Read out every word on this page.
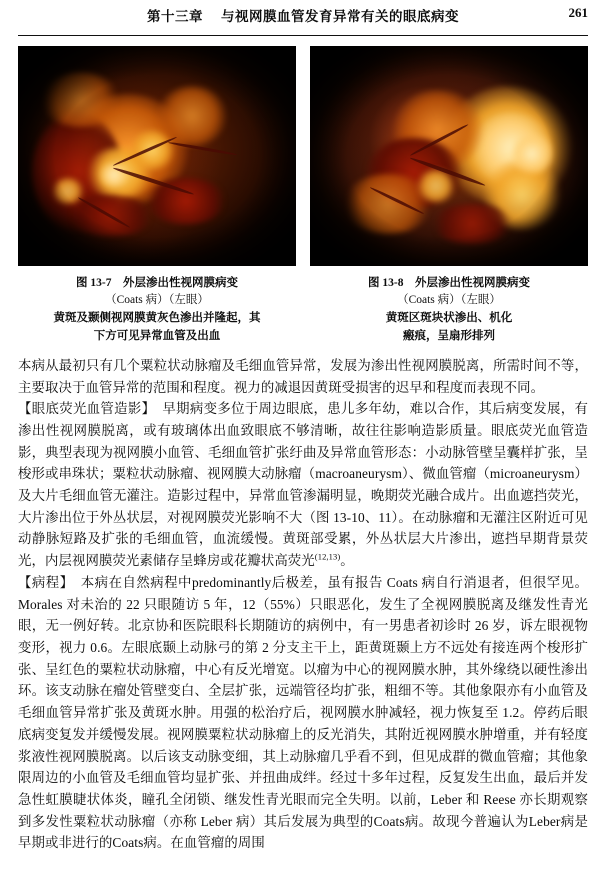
第十三章 与视网膜血管发育异常有关的眼底病变	261
图 13-7　 外层渗出性视网膜病变
（Coats 病）（左眼）
黄斑及颞侧视网膜黄灰色渗出并隆起，其
下方可见异常血管及出血
图 13-8　 外层渗出性视网膜病变
（Coats 病）（左眼）
黄斑区斑块状渗出、机化
瘢痕，呈扇形排列

本病从最初只有几个粟粒状动脉瘤及毛细血管异常，发展为渗出性视网膜脱离，所需时间不等，主要取决于血管异常的范围和程度。视力的减退因黄斑受损害的迟早和程度而表现不同。

【眼底荧光血管造影】　早期病变多位于周边眼底，患儿多年幼，难以合作，其后病变发展，有渗出性视网膜脱离，或有玻璃体出血致眼底不够清晰，故往往影响造影质量。眼底荧光血管造影，典型表现为视网膜小血管、毛细血管扩张纡曲及异常血管形态：小动脉管壁呈囊样扩张，呈梭形或串珠状；粟粒状动脉瘤、视网膜大动脉瘤（macroaneurysm）、微血管瘤（microaneurysm）及大片毛细血管无灌注。造影过程中，异常血管渗漏明显，晚期荧光融合成片。出血遮挡荧光，大片渗出位于外丛状层，对视网膜荧光影响不大（图 13-10、11）。在动脉瘤和无灌注区附近可见动静脉短路及扩张的毛细血管，血流缓慢。黄斑部受累，外丛状层大片渗出，遮挡早期背景荧光，内层视网膜荧光素储存呈蜂房或花瓣状高荧光$^{(12,13)}$。

【病程】　本病在自然病程中predominantly后极差，虽有报告 Coats 病自行消退者，但很罕见。Morales 对未治的 22 只眼随访 5 年，12（55%）只眼恶化，发生了全视网膜脱离及继发性青光眼，无一例好转。北京协和医院眼科长期随访的病例中，有一男患者初诊时 26 岁，诉左眼视物变形，视力 0.6。左眼底颞上动脉弓的第 2 分支主干上，距黄斑颞上方不远处有接连两个梭形扩张、呈红色的粟粒状动脉瘤，中心有反光增宽。以瘤为中心的视网膜水肿，其外缘绕以硬性渗出环。该支动脉在瘤处管壁变白、全层扩张，远端管径均扩张，粗细不等。其他象限亦有小血管及毛细血管异常扩张及黄斑水肿。用强的松治疗后，视网膜水肿减轻，视力恢复至 1.2。停药后眼底病变复发并缓慢发展。视网膜粟粒状动脉瘤上的反光消失，其附近视网膜水肿增重，并有轻度浆液性视网膜脱离。以后该支动脉变细，其上动脉瘤几乎看不到，但见成群的微血管瘤；其他象限周边的小血管及毛细血管均显扩张、并扭曲成绊。经过十多年过程，反复发生出血，最后并发急性虹膜睫状体炎，瞳孔全闭锁、继发性青光眼而完全失明。以前，Leber 和 Reese 亦长期观察到多发性粟粒状动脉瘤（亦称 Leber 病）其后发展为典型的Coats病。故现今普遍认为Leber病是早期或非进行的Coats病。在血管瘤的周围
